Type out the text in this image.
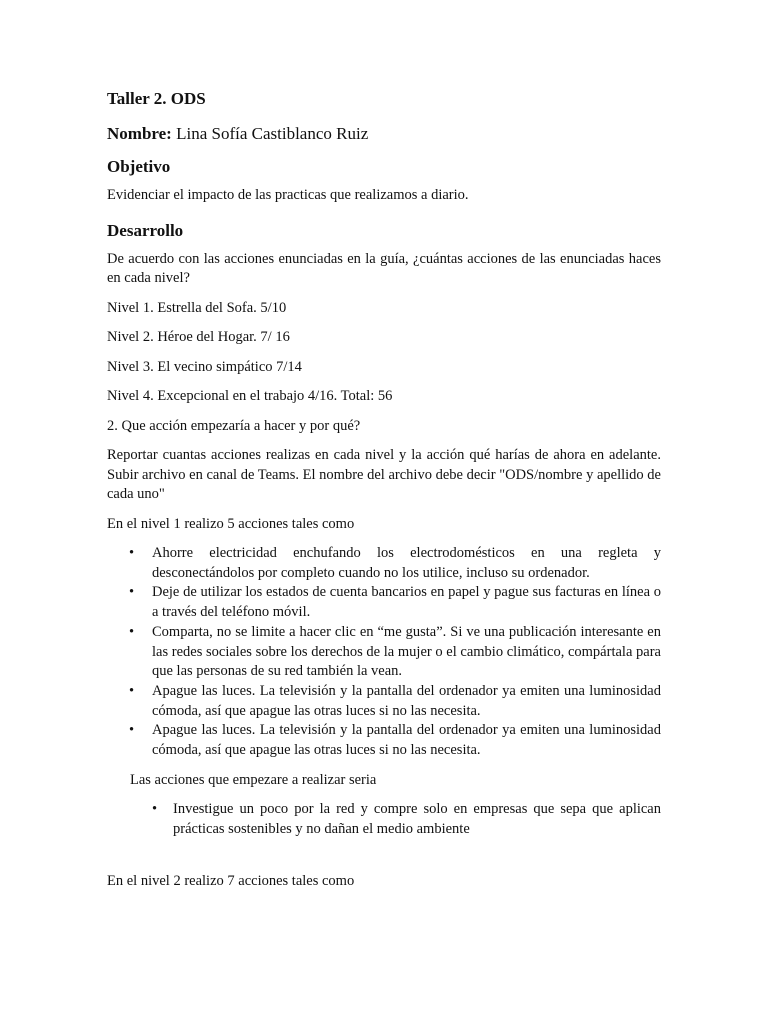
Taller 2. ODS
Nombre: Lina Sofía Castiblanco Ruiz
Objetivo

Evidenciar el impacto de las practicas que realizamos a diario.

Desarrollo

De acuerdo con las acciones enunciadas en la guía, ¿cuántas acciones de las enunciadas haces en cada nivel?

Nivel 1. Estrella del Sofa. 5/10

Nivel 2. Héroe del Hogar. 7/ 16

Nivel 3. El vecino simpático 7/14

Nivel 4. Excepcional en el trabajo 4/16. Total: 56

2. Que acción empezaría a hacer y por qué?

Reportar cuantas acciones realizas en cada nivel y la acción qué harías de ahora en adelante. Subir archivo en canal de Teams. El nombre del archivo debe decir "ODS/nombre y apellido de cada uno"

En el nivel 1 realizo 5 acciones tales como

• Ahorre electricidad enchufando los electrodomésticos en una regleta y desconectándolos por completo cuando no los utilice, incluso su ordenador.
• Deje de utilizar los estados de cuenta bancarios en papel y pague sus facturas en línea o a través del teléfono móvil.
• Comparta, no se limite a hacer clic en “me gusta”. Si ve una publicación interesante en las redes sociales sobre los derechos de la mujer o el cambio climático, compártala para que las personas de su red también la vean.
• Apague las luces. La televisión y la pantalla del ordenador ya emiten una luminosidad cómoda, así que apague las otras luces si no las necesita.
• Apague las luces. La televisión y la pantalla del ordenador ya emiten una luminosidad cómoda, así que apague las otras luces si no las necesita.

Las acciones que empezare a realizar seria

• Investigue un poco por la red y compre solo en empresas que sepa que aplican prácticas sostenibles y no dañan el medio ambiente

En el nivel 2 realizo 7 acciones tales como
